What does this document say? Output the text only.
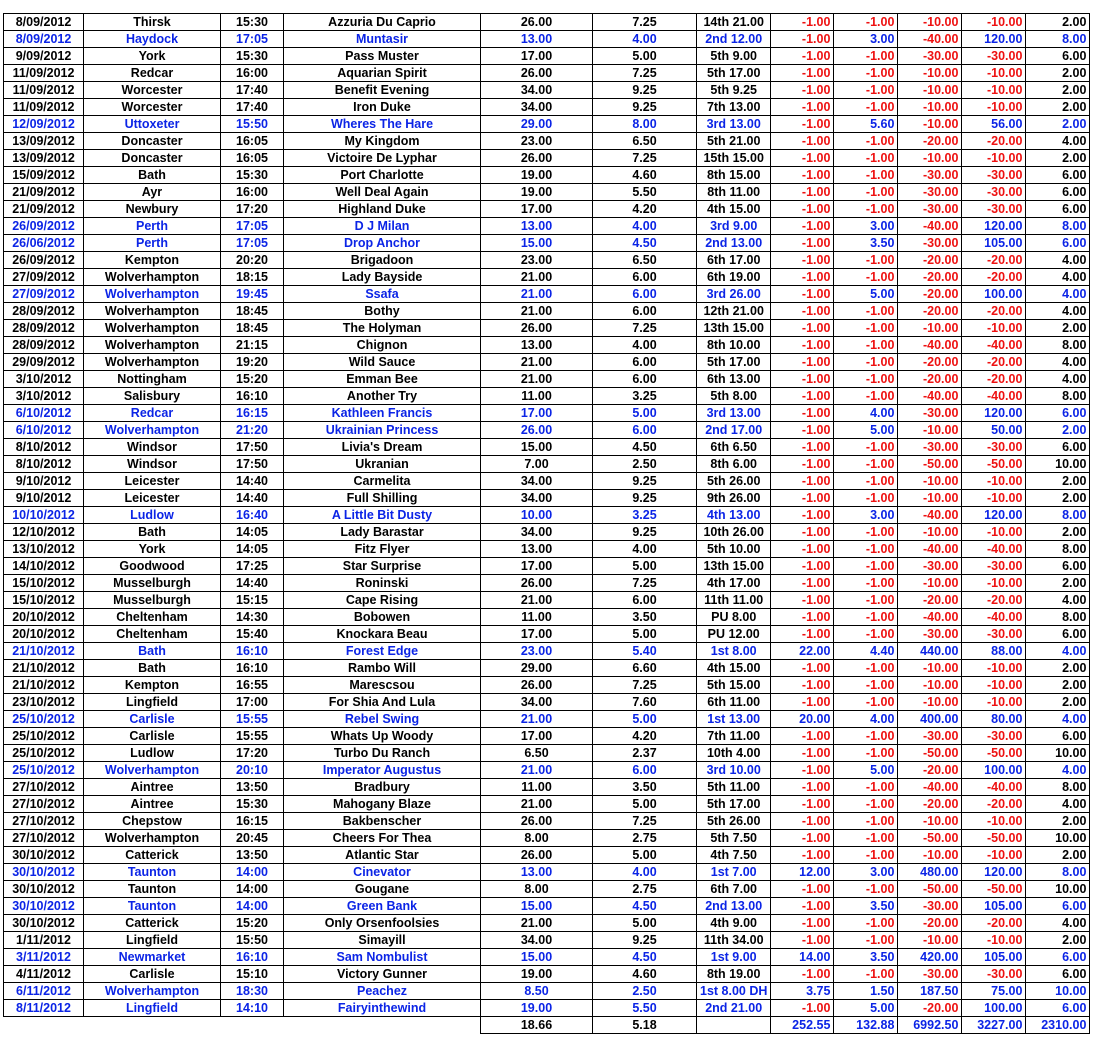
8/09/2012	Thirsk	15:30	Azzuria Du Caprio	26.00	7.25	14th 21.00	-1.00	-1.00	-10.00	-10.00	2.00
8/09/2012	Haydock	17:05	Muntasir	13.00	4.00	2nd 12.00	-1.00	3.00	-40.00	120.00	8.00
9/09/2012	York	15:30	Pass Muster	17.00	5.00	5th 9.00	-1.00	-1.00	-30.00	-30.00	6.00
11/09/2012	Redcar	16:00	Aquarian Spirit	26.00	7.25	5th 17.00	-1.00	-1.00	-10.00	-10.00	2.00
11/09/2012	Worcester	17:40	Benefit Evening	34.00	9.25	5th 9.25	-1.00	-1.00	-10.00	-10.00	2.00
11/09/2012	Worcester	17:40	Iron Duke	34.00	9.25	7th 13.00	-1.00	-1.00	-10.00	-10.00	2.00
12/09/2012	Uttoxeter	15:50	Wheres The Hare	29.00	8.00	3rd 13.00	-1.00	5.60	-10.00	56.00	2.00
13/09/2012	Doncaster	16:05	My Kingdom	23.00	6.50	5th 21.00	-1.00	-1.00	-20.00	-20.00	4.00
13/09/2012	Doncaster	16:05	Victoire De Lyphar	26.00	7.25	15th 15.00	-1.00	-1.00	-10.00	-10.00	2.00
15/09/2012	Bath	15:30	Port Charlotte	19.00	4.60	8th 15.00	-1.00	-1.00	-30.00	-30.00	6.00
21/09/2012	Ayr	16:00	Well Deal Again	19.00	5.50	8th 11.00	-1.00	-1.00	-30.00	-30.00	6.00
21/09/2012	Newbury	17:20	Highland Duke	17.00	4.20	4th 15.00	-1.00	-1.00	-30.00	-30.00	6.00
26/09/2012	Perth	17:05	D J Milan	13.00	4.00	3rd 9.00	-1.00	3.00	-40.00	120.00	8.00
26/06/2012	Perth	17:05	Drop Anchor	15.00	4.50	2nd 13.00	-1.00	3.50	-30.00	105.00	6.00
26/09/2012	Kempton	20:20	Brigadoon	23.00	6.50	6th 17.00	-1.00	-1.00	-20.00	-20.00	4.00
27/09/2012	Wolverhampton	18:15	Lady Bayside	21.00	6.00	6th 19.00	-1.00	-1.00	-20.00	-20.00	4.00
27/09/2012	Wolverhampton	19:45	Ssafa	21.00	6.00	3rd 26.00	-1.00	5.00	-20.00	100.00	4.00
28/09/2012	Wolverhampton	18:45	Bothy	21.00	6.00	12th 21.00	-1.00	-1.00	-20.00	-20.00	4.00
28/09/2012	Wolverhampton	18:45	The Holyman	26.00	7.25	13th 15.00	-1.00	-1.00	-10.00	-10.00	2.00
28/09/2012	Wolverhampton	21:15	Chignon	13.00	4.00	8th 10.00	-1.00	-1.00	-40.00	-40.00	8.00
29/09/2012	Wolverhampton	19:20	Wild Sauce	21.00	6.00	5th 17.00	-1.00	-1.00	-20.00	-20.00	4.00
3/10/2012	Nottingham	15:20	Emman Bee	21.00	6.00	6th 13.00	-1.00	-1.00	-20.00	-20.00	4.00
3/10/2012	Salisbury	16:10	Another Try	11.00	3.25	5th 8.00	-1.00	-1.00	-40.00	-40.00	8.00
6/10/2012	Redcar	16:15	Kathleen Francis	17.00	5.00	3rd 13.00	-1.00	4.00	-30.00	120.00	6.00
6/10/2012	Wolverhampton	21:20	Ukrainian Princess	26.00	6.00	2nd 17.00	-1.00	5.00	-10.00	50.00	2.00
8/10/2012	Windsor	17:50	Livia's Dream	15.00	4.50	6th 6.50	-1.00	-1.00	-30.00	-30.00	6.00
8/10/2012	Windsor	17:50	Ukranian	7.00	2.50	8th 6.00	-1.00	-1.00	-50.00	-50.00	10.00
9/10/2012	Leicester	14:40	Carmelita	34.00	9.25	5th 26.00	-1.00	-1.00	-10.00	-10.00	2.00
9/10/2012	Leicester	14:40	Full Shilling	34.00	9.25	9th 26.00	-1.00	-1.00	-10.00	-10.00	2.00
10/10/2012	Ludlow	16:40	A Little Bit Dusty	10.00	3.25	4th 13.00	-1.00	3.00	-40.00	120.00	8.00
12/10/2012	Bath	14:05	Lady Barastar	34.00	9.25	10th 26.00	-1.00	-1.00	-10.00	-10.00	2.00
13/10/2012	York	14:05	Fitz Flyer	13.00	4.00	5th 10.00	-1.00	-1.00	-40.00	-40.00	8.00
14/10/2012	Goodwood	17:25	Star Surprise	17.00	5.00	13th 15.00	-1.00	-1.00	-30.00	-30.00	6.00
15/10/2012	Musselburgh	14:40	Roninski	26.00	7.25	4th 17.00	-1.00	-1.00	-10.00	-10.00	2.00
15/10/2012	Musselburgh	15:15	Cape Rising	21.00	6.00	11th 11.00	-1.00	-1.00	-20.00	-20.00	4.00
20/10/2012	Cheltenham	14:30	Bobowen	11.00	3.50	PU 8.00	-1.00	-1.00	-40.00	-40.00	8.00
20/10/2012	Cheltenham	15:40	Knockara Beau	17.00	5.00	PU 12.00	-1.00	-1.00	-30.00	-30.00	6.00
21/10/2012	Bath	16:10	Forest Edge	23.00	5.40	1st 8.00	22.00	4.40	440.00	88.00	4.00
21/10/2012	Bath	16:10	Rambo Will	29.00	6.60	4th 15.00	-1.00	-1.00	-10.00	-10.00	2.00
21/10/2012	Kempton	16:55	Marescsou	26.00	7.25	5th 15.00	-1.00	-1.00	-10.00	-10.00	2.00
23/10/2012	Lingfield	17:00	For Shia And Lula	34.00	7.60	6th 11.00	-1.00	-1.00	-10.00	-10.00	2.00
25/10/2012	Carlisle	15:55	Rebel Swing	21.00	5.00	1st 13.00	20.00	4.00	400.00	80.00	4.00
25/10/2012	Carlisle	15:55	Whats Up Woody	17.00	4.20	7th 11.00	-1.00	-1.00	-30.00	-30.00	6.00
25/10/2012	Ludlow	17:20	Turbo Du Ranch	6.50	2.37	10th 4.00	-1.00	-1.00	-50.00	-50.00	10.00
25/10/2012	Wolverhampton	20:10	Imperator Augustus	21.00	6.00	3rd 10.00	-1.00	5.00	-20.00	100.00	4.00
27/10/2012	Aintree	13:50	Bradbury	11.00	3.50	5th 11.00	-1.00	-1.00	-40.00	-40.00	8.00
27/10/2012	Aintree	15:30	Mahogany Blaze	21.00	5.00	5th 17.00	-1.00	-1.00	-20.00	-20.00	4.00
27/10/2012	Chepstow	16:15	Bakbenscher	26.00	7.25	5th 26.00	-1.00	-1.00	-10.00	-10.00	2.00
27/10/2012	Wolverhampton	20:45	Cheers For Thea	8.00	2.75	5th 7.50	-1.00	-1.00	-50.00	-50.00	10.00
30/10/2012	Catterick	13:50	Atlantic Star	26.00	5.00	4th 7.50	-1.00	-1.00	-10.00	-10.00	2.00
30/10/2012	Taunton	14:00	Cinevator	13.00	4.00	1st 7.00	12.00	3.00	480.00	120.00	8.00
30/10/2012	Taunton	14:00	Gougane	8.00	2.75	6th 7.00	-1.00	-1.00	-50.00	-50.00	10.00
30/10/2012	Taunton	14:00	Green Bank	15.00	4.50	2nd 13.00	-1.00	3.50	-30.00	105.00	6.00
30/10/2012	Catterick	15:20	Only Orsenfoolsies	21.00	5.00	4th 9.00	-1.00	-1.00	-20.00	-20.00	4.00
1/11/2012	Lingfield	15:50	Simayill	34.00	9.25	11th 34.00	-1.00	-1.00	-10.00	-10.00	2.00
3/11/2012	Newmarket	16:10	Sam Nombulist	15.00	4.50	1st 9.00	14.00	3.50	420.00	105.00	6.00
4/11/2012	Carlisle	15:10	Victory Gunner	19.00	4.60	8th 19.00	-1.00	-1.00	-30.00	-30.00	6.00
6/11/2012	Wolverhampton	18:30	Peachez	8.50	2.50	1st 8.00 DH	3.75	1.50	187.50	75.00	10.00
8/11/2012	Lingfield	14:10	Fairyinthewind	19.00	5.50	2nd 21.00	-1.00	5.00	-20.00	100.00	6.00
				18.66	5.18		252.55	132.88	6992.50	3227.00	2310.00
